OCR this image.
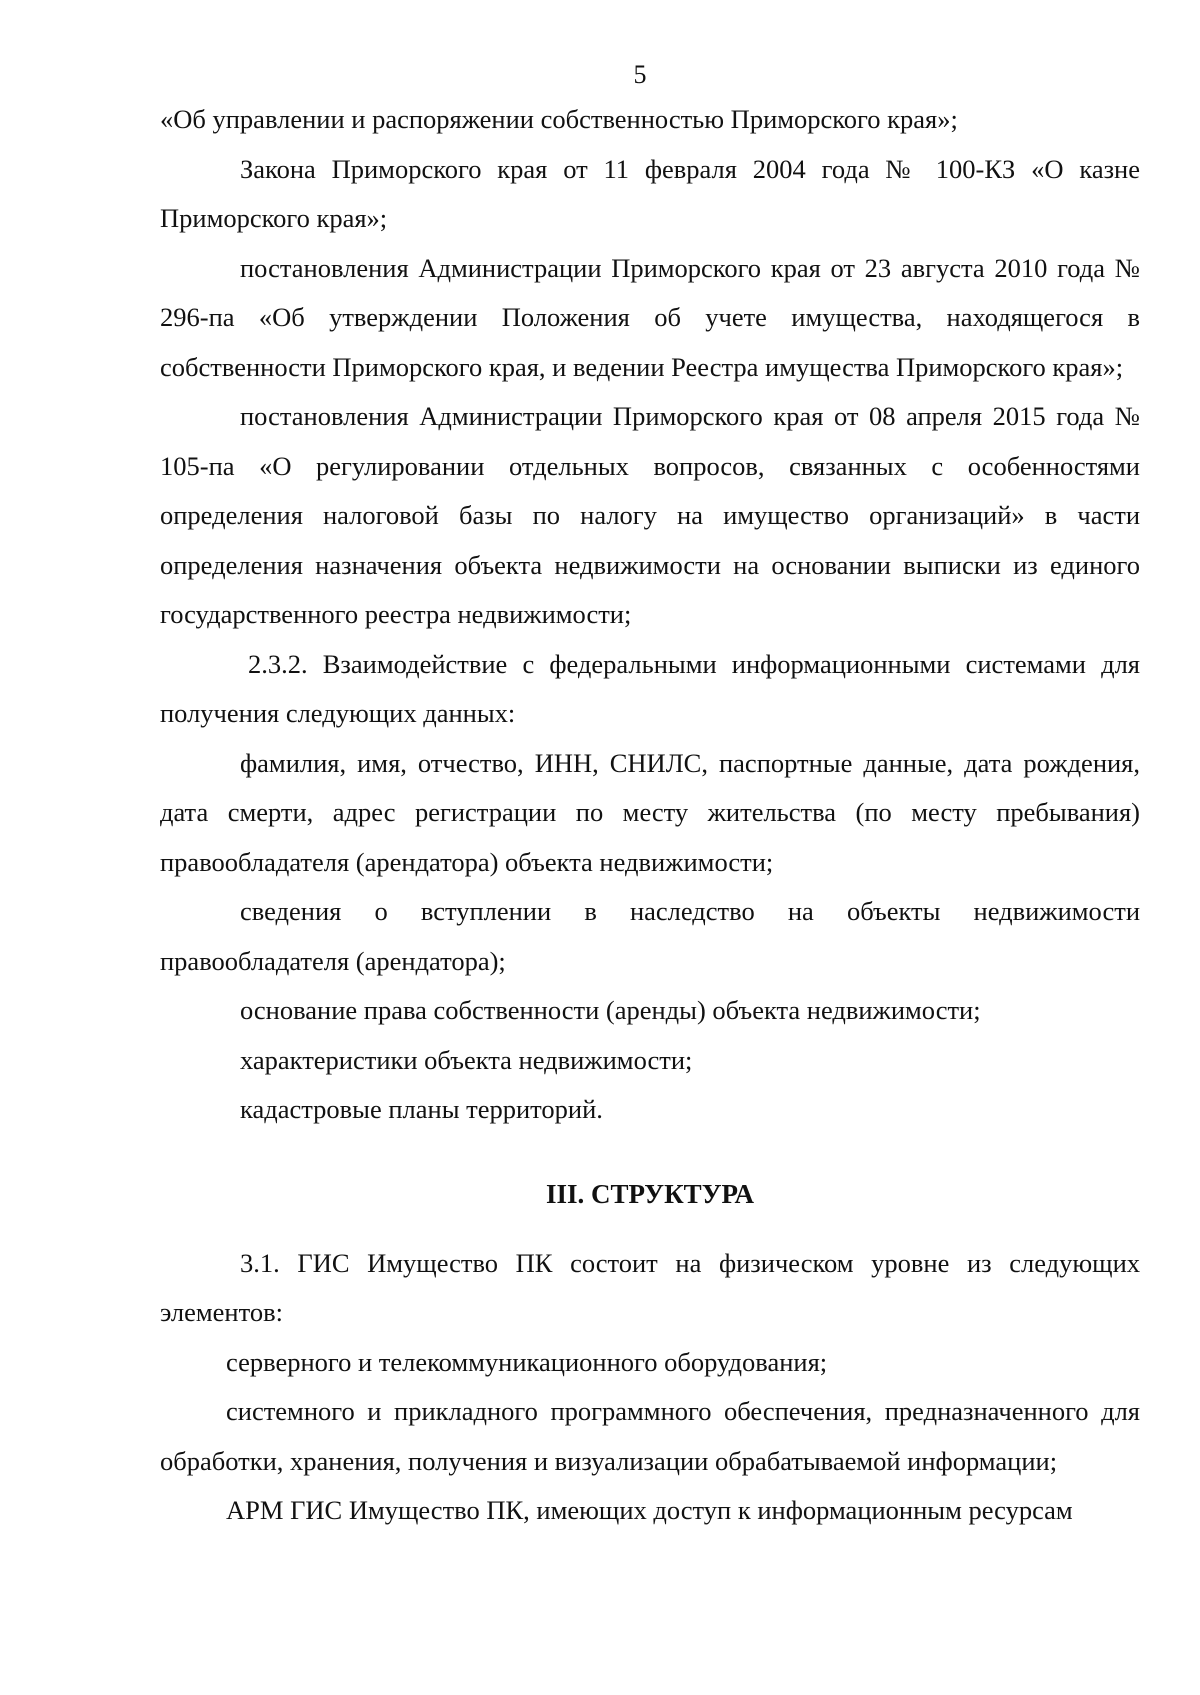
5

«Об управлении и распоряжении собственностью Приморского края»;

Закона Приморского края от 11 февраля 2004 года № 100-КЗ «О казне Приморского края»;

постановления Администрации Приморского края от 23 августа 2010 года № 296-па «Об утверждении Положения об учете имущества, находящегося в собственности Приморского края, и ведении Реестра имущества Приморского края»;

постановления Администрации Приморского края от 08 апреля 2015 года № 105-па «О регулировании отдельных вопросов, связанных с особенностями определения налоговой базы по налогу на имущество организаций» в части определения назначения объекта недвижимости на основании выписки из единого государственного реестра недвижимости;

2.3.2. Взаимодействие с федеральными информационными системами для получения следующих данных:

фамилия, имя, отчество, ИНН, СНИЛС, паспортные данные, дата рождения, дата смерти, адрес регистрации по месту жительства (по месту пребывания) правообладателя (арендатора) объекта недвижимости;

сведения о вступлении в наследство на объекты недвижимости правообладателя (арендатора);

основание права собственности (аренды) объекта недвижимости;

характеристики объекта недвижимости;

кадастровые планы территорий.

III. СТРУКТУРА

3.1. ГИС Имущество ПК состоит на физическом уровне из следующих элементов:

серверного и телекоммуникационного оборудования;

системного и прикладного программного обеспечения, предназначенного для обработки, хранения, получения и визуализации обрабатываемой информации;

АРМ ГИС Имущество ПК, имеющих доступ к информационным ресурсам
